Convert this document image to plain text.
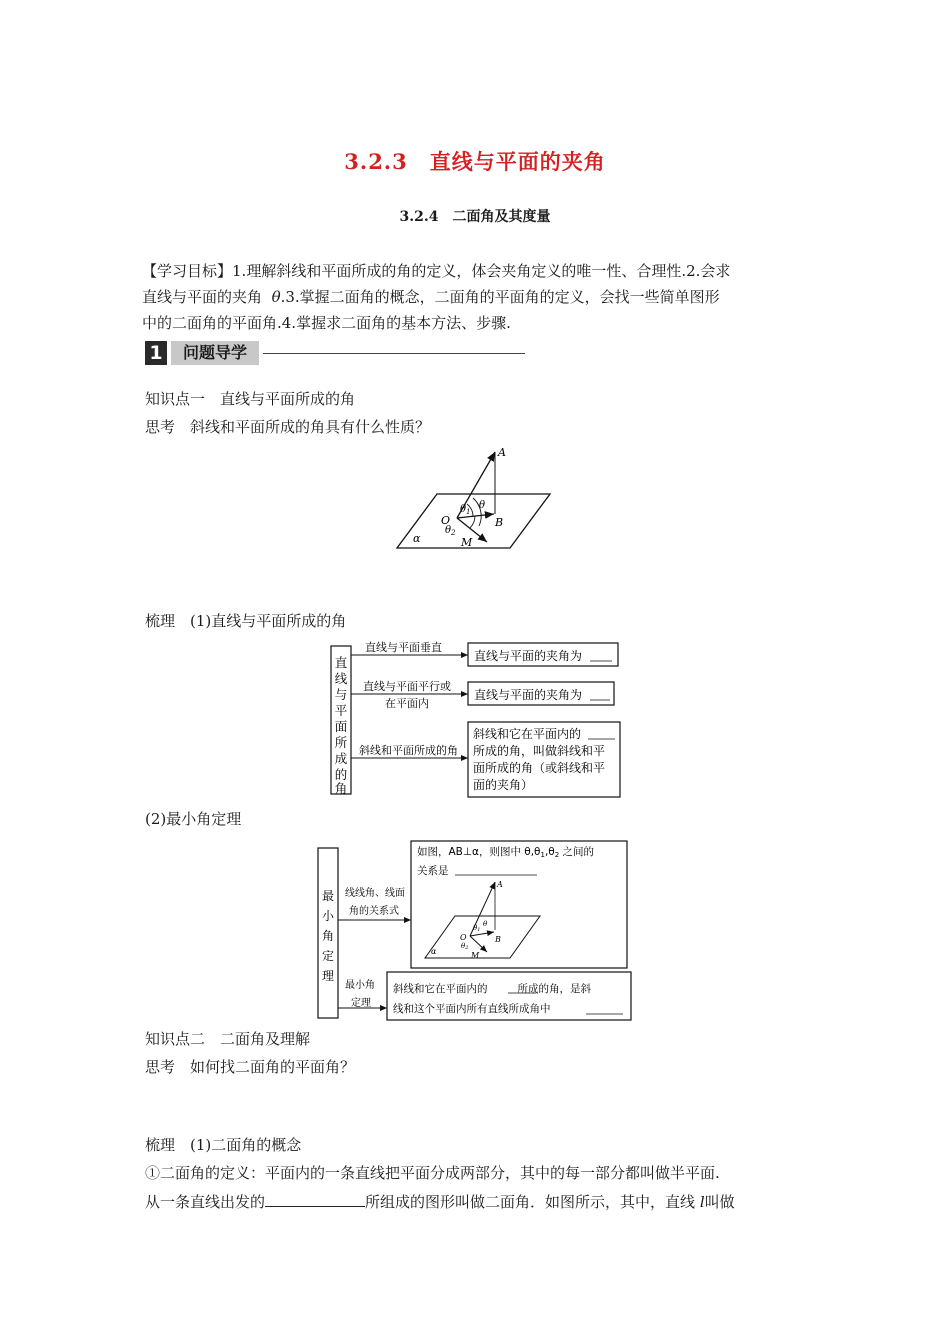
3.2.3　直线与平面的夹角
3.2.4　二面角及其度量
【学习目标】1.理解斜线和平面所成的角的定义，体会夹角定义的唯一性、合理性.2.会求
直线与平面的夹角 θ.3.掌握二面角的概念，二面角的平面角的定义，会找一些简单图形
中的二面角的平面角.4.掌握求二面角的基本方法、步骤.
1	问题导学
知识点一　直线与平面所成的角
思考　斜线和平面所成的角具有什么性质？
A
B
O
M
α
θ
$\theta_1$
$\theta_2$
梳理　(1)直线与平面所成的角
直
线
与
平
面
所
成
的
角
直线与平面垂直
直线与平面的夹角为
直线与平面平行或
在平面内
直线与平面的夹角为
斜线和平面所成的角
斜线和它在平面内的
所成的角，叫做斜线和平
面所成的角（或斜线和平
面的夹角）
(2)最小角定理
最
小
角
定
理
线线角、线面
角的关系式
如图，AB⊥α，则图中 θ,θ1,θ2 之间的
关系是
A
B
O
M
α
θ
θ1
θ2
最小角
定理
斜线和它在平面内的	所成的角，是斜
线和这个平面内所有直线所成角中
知识点二　二面角及理解
思考　如何找二面角的平面角？
梳理　(1)二面角的概念
①二面角的定义：平面内的一条直线把平面分成两部分，其中的每一部分都叫做半平面.
从一条直线出发的	所组成的图形叫做二面角．如图所示，其中，直线 l叫做
